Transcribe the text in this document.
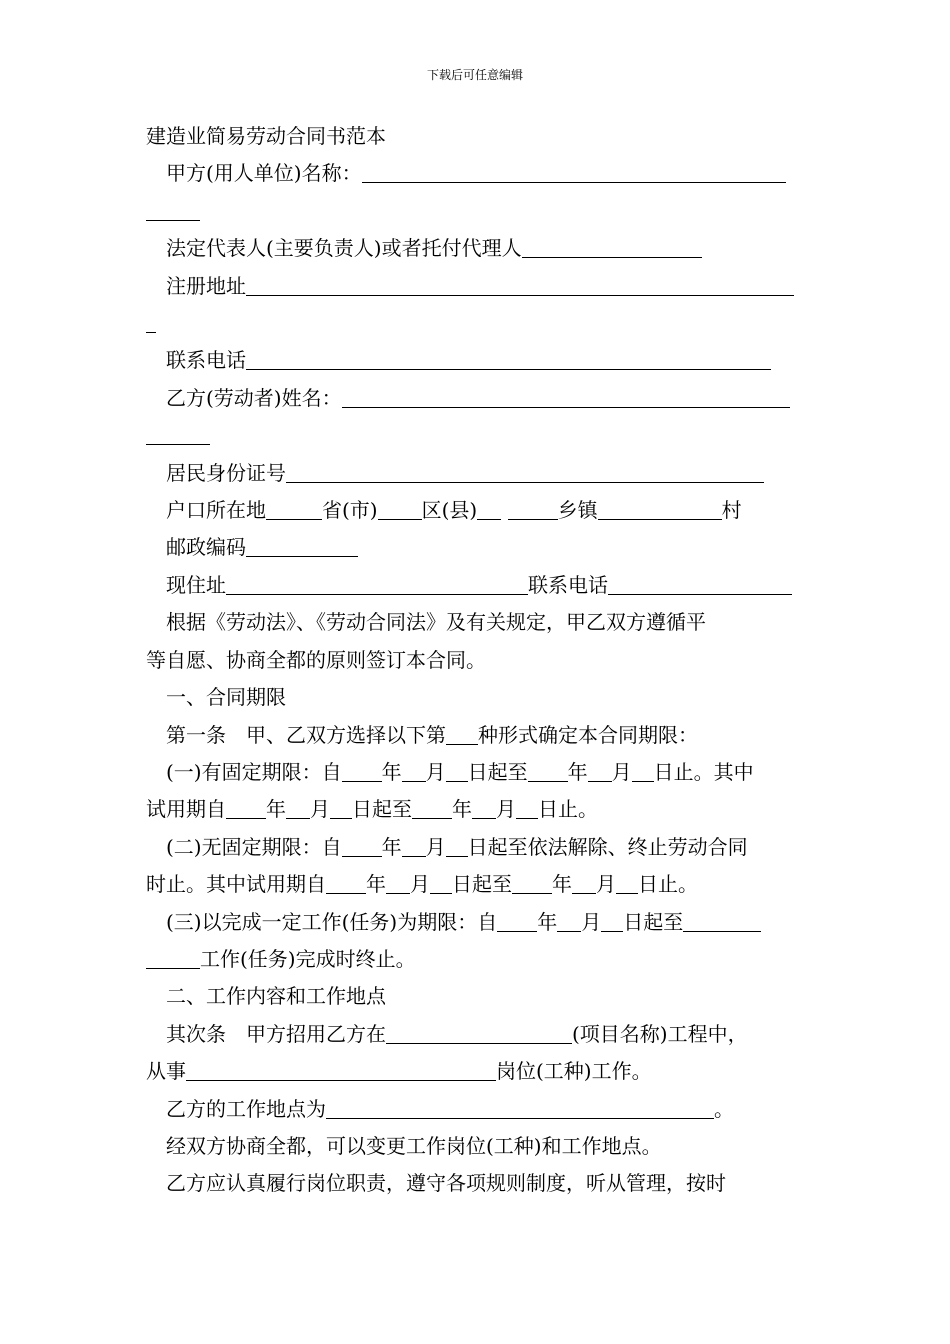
下载后可任意编辑
建造业简易劳动合同书范本
甲方(用人单位)名称：
法定代表人(主要负责人)或者托付代理人
注册地址
联系电话
乙方(劳动者)姓名：
居民身份证号
户口所在地	省(市) 区(县)	乡镇	村
邮政编码
现住址	联系电话
根据《劳动法》、《劳动合同法》及有关规定，甲乙双方遵循平
等自愿、协商全都的原则签订本合同。
一、合同期限
第一条　甲、乙双方选择以下第 种形式确定本合同期限：
(一)有固定期限：自 年 月 日起至 年 月 日止。其中
试用期自 年 月 日起至 年 月 日止。
(二)无固定期限：自 年 月 日起至依法解除、终止劳动合同
时止。其中试用期自 年 月 日起至 年 月 日止。
(三)以完成一定工作(任务)为期限：自 年 月 日起至
工作(任务)完成时终止。
二、工作内容和工作地点
其次条　甲方招用乙方在	(项目名称)工程中，
从事	岗位(工种)工作。
乙方的工作地点为	。
经双方协商全都，可以变更工作岗位(工种)和工作地点。
乙方应认真履行岗位职责，遵守各项规则制度，听从管理，按时
